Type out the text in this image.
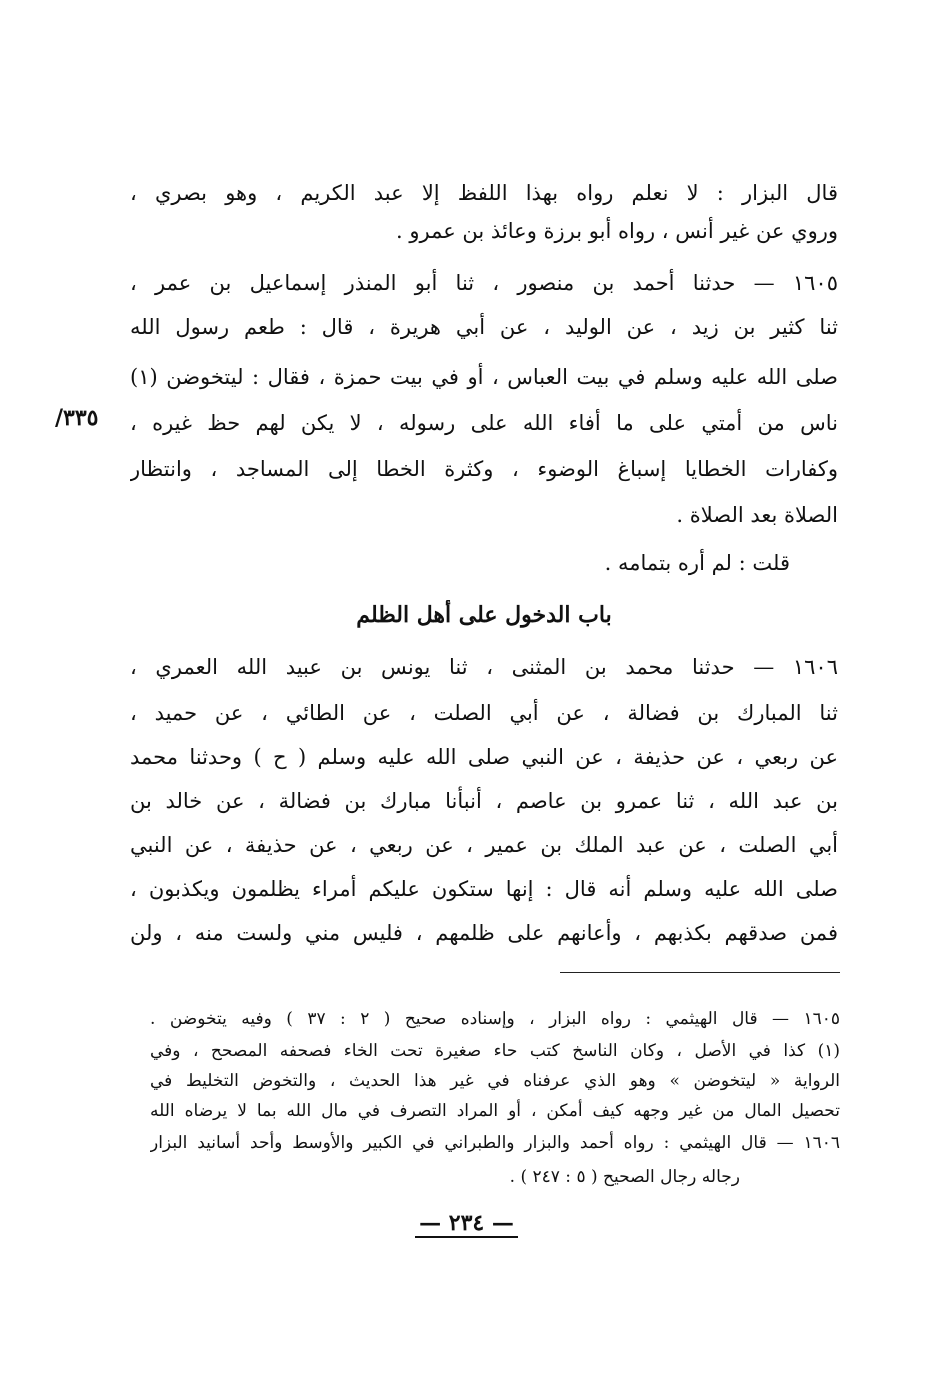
قال البزار : لا نعلم رواه بهذا اللفظ إلا عبد الكريم ، وهو بصري ،
وروي عن غير أنس ، رواه أبو برزة وعائذ بن عمرو .
١٦٠٥ — حدثنا أحمد بن منصور ، ثنا أبو المنذر إسماعيل بن عمر ،
ثنا كثير بن زيد ، عن الوليد ، عن أبي هريرة ، قال : طعم رسول الله
صلى الله عليه وسلم في بيت العباس ، أو في بيت حمزة ، فقال : ليتخوضن (١)
ناس من أمتي على ما أفاء الله على رسوله ، لا يكن لهم حظ غيره ،
وكفارات الخطايا إسباغ الوضوء ، وكثرة الخطا إلى المساجد ، وانتظار
الصلاة بعد الصلاة .
قلت : لم أره بتمامه .
باب الدخول على أهل الظلم
١٦٠٦ — حدثنا محمد بن المثنى ، ثنا يونس بن عبيد الله العمري ،
ثنا المبارك بن فضالة ، عن أبي الصلت ، عن الطائي ، عن حميد ،
عن ربعي ، عن حذيفة ، عن النبي صلى الله عليه وسلم ( ح ) وحدثنا محمد
بن عبد الله ، ثنا عمرو بن عاصم ، أنبأنا مبارك بن فضالة ، عن خالد بن
أبي الصلت ، عن عبد الملك بن عمير ، عن ربعي ، عن حذيفة ، عن النبي
صلى الله عليه وسلم أنه قال : إنها ستكون عليكم أمراء يظلمون ويكذبون ،
فمن صدقهم بكذبهم ، وأعانهم على ظلمهم ، فليس مني ولست منه ، ولن
٣٣٥/
١٦٠٥ — قال الهيثمي : رواه البزار ، وإسناده صحيح ( ٢ : ٣٧ ) وفيه يتخوضن .
(١) كذا في الأصل ، وكان الناسخ كتب حاء صغيرة تحت الخاء فصحفه المصحح ، وفي
الرواية « ليتخوضن » وهو الذي عرفناه في غير هذا الحديث ، والتخوض التخليط في
تحصيل المال من غير وجهه كيف أمكن ، أو المراد التصرف في مال الله بما لا يرضاه الله
١٦٠٦ — قال الهيثمي : رواه أحمد والبزار والطبراني في الكبير والأوسط وأحد أسانيد البزار
رجاله رجال الصحيح ( ٥ : ٢٤٧ ) .
— ٢٣٤ —
